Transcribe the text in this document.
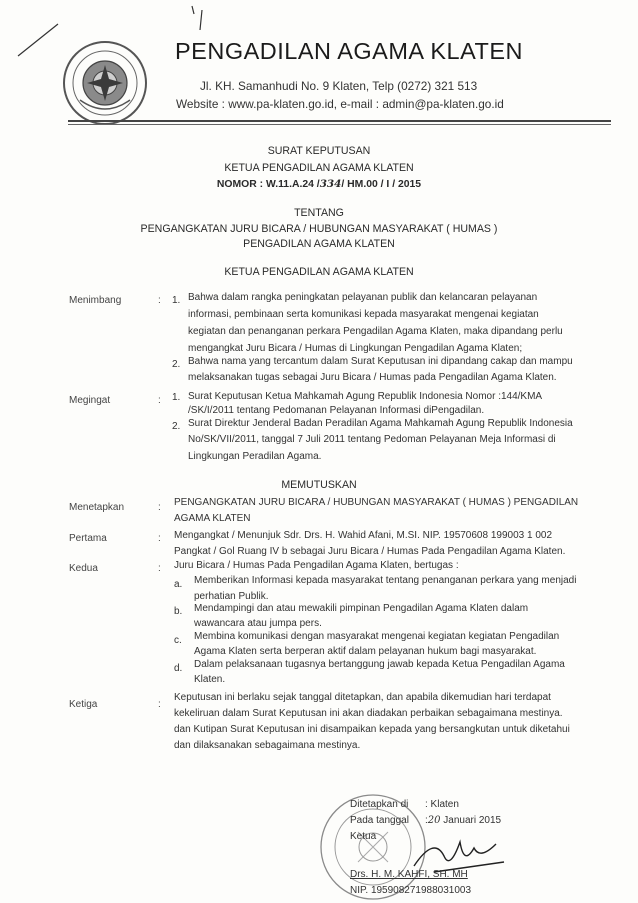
PENGADILAN AGAMA KLATEN
Jl. KH. Samanhudi No. 9 Klaten, Telp (0272) 321 513
Website : www.pa-klaten.go.id, e-mail : admin@pa-klaten.go.id
SURAT KEPUTUSAN
KETUA PENGADILAN AGAMA KLATEN
NOMOR : W.11.A.24 /334/ HM.00 / I / 2015
TENTANG
PENGANGKATAN JURU BICARA / HUBUNGAN MASYARAKAT ( HUMAS )
PENGADILAN AGAMA KLATEN
KETUA PENGADILAN AGAMA KLATEN
Menimbang	: 1. Bahwa dalam rangka peningkatan pelayanan publik dan kelancaran pelayanan
informasi, pembinaan serta komunikasi kepada masyarakat mengenai kegiatan
kegiatan dan penanganan perkara Pengadilan Agama Klaten, maka dipandang perlu
mengangkat Juru Bicara / Humas di Lingkungan Pengadilan Agama Klaten;
2. Bahwa nama yang tercantum dalam Surat Keputusan ini dipandang cakap dan mampu
melaksanakan tugas sebagai Juru Bicara / Humas pada Pengadilan Agama Klaten.
Megingat	: 1. Surat Keputusan Ketua Mahkamah Agung Republik Indonesia Nomor :144/KMA
/SK/I/2011 tentang Pedomanan Pelayanan Informasi diPengadilan.
2. Surat Direktur Jenderal Badan Peradilan Agama Mahkamah Agung Republik Indonesia
No/SK/VII/2011, tanggal 7 Juli 2011 tentang Pedoman Pelayanan Meja Informasi di
Lingkungan Peradilan Agama.
MEMUTUSKAN
Menetapkan	: PENGANGKATAN JURU BICARA / HUBUNGAN MASYARAKAT ( HUMAS ) PENGADILAN
AGAMA KLATEN
Pertama	: Mengangkat / Menunjuk Sdr. Drs. H. Wahid Afani, M.SI. NIP. 19570608 199003 1 002
Pangkat / Gol Ruang IV b sebagai Juru Bicara / Humas Pada Pengadilan Agama Klaten.
Kedua	: Juru Bicara / Humas Pada Pengadilan Agama Klaten, bertugas :
a. Memberikan Informasi kepada masyarakat tentang penanganan perkara yang menjadi
perhatian Publik.
b. Mendampingi dan atau mewakili pimpinan Pengadilan Agama Klaten dalam
wawancara atau jumpa pers.
c. Membina komunikasi dengan masyarakat mengenai kegiatan kegiatan Pengadilan
Agama Klaten serta berperan aktif dalam pelayanan hukum bagi masyarakat.
d. Dalam pelaksanaan tugasnya bertanggung jawab kepada Ketua Pengadilan Agama
Klaten.
Ketiga	:
Keputusan ini berlaku sejak tanggal ditetapkan, dan apabila dikemudian hari terdapat
kekeliruan dalam Surat Keputusan ini akan diadakan perbaikan sebagaimana mestinya.
dan Kutipan Surat Keputusan ini disampaikan kepada yang bersangkutan untuk diketahui
dan dilaksanakan sebagaimana mestinya.
Ditetapkan di : Klaten
Pada tanggal :20 Januari 2015
Ketua
Drs. H. M. KAHFI, SH. MH
NIP. 195908271988031003
